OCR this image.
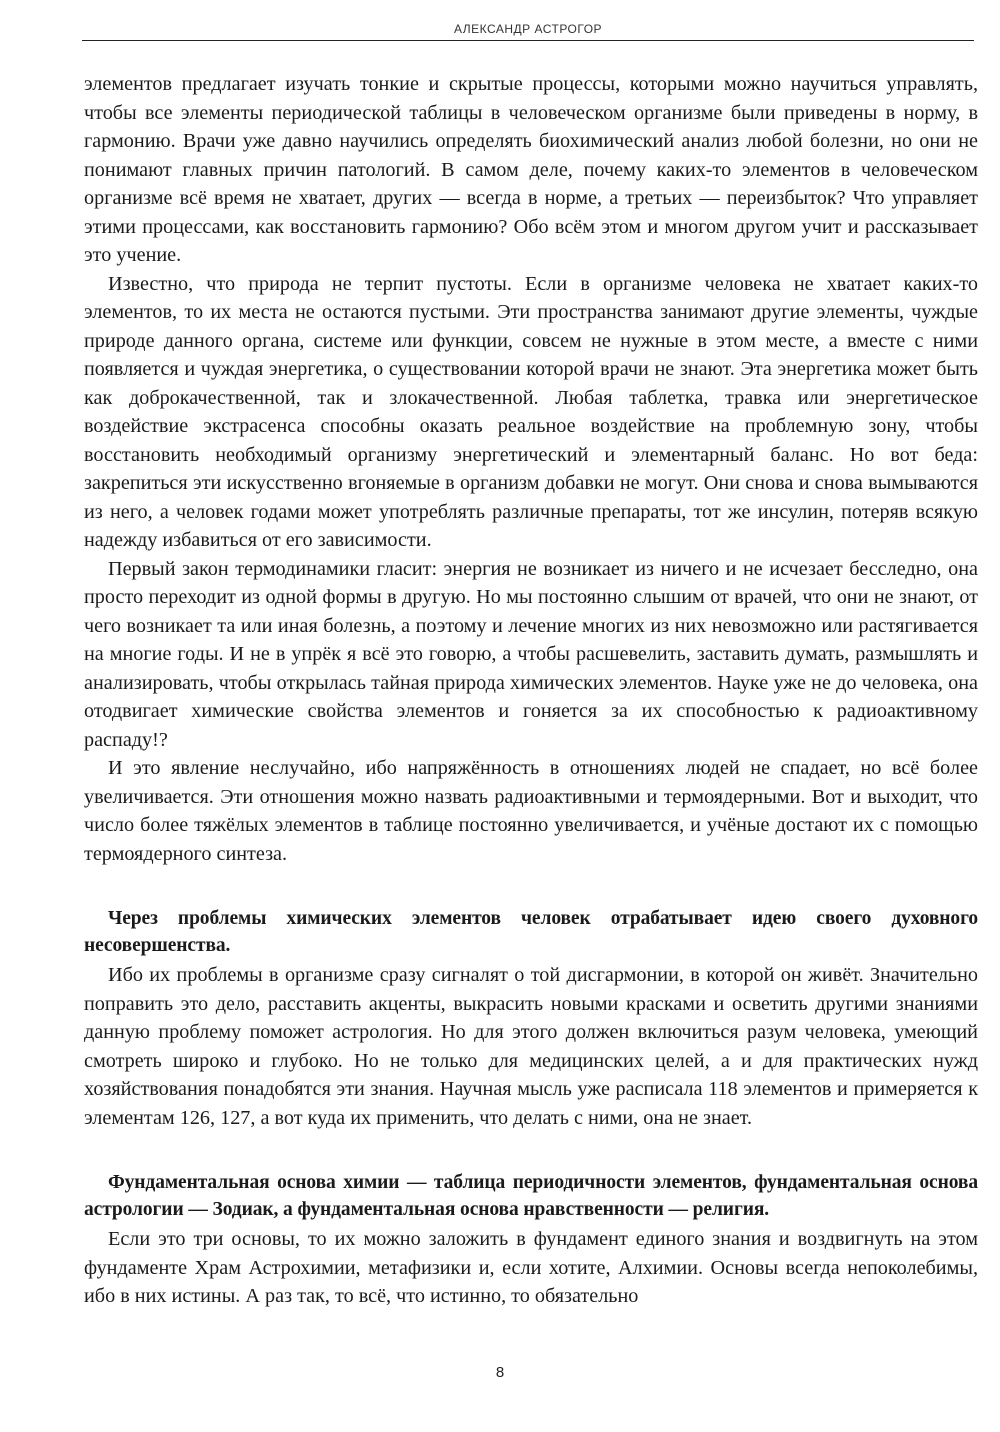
АЛЕКСАНДР АСТРОГОР

элементов предлагает изучать тонкие и скрытые процессы, которыми можно научиться управлять, чтобы все элементы периодической таблицы в человеческом организме были приведены в норму, в гармонию. Врачи уже давно научились определять биохимический анализ любой болезни, но они не понимают главных причин патологий. В самом деле, почему каких-то элементов в человеческом организме всё время не хватает, других — всегда в норме, а третьих — переизбыток? Что управляет этими процессами, как восстановить гармонию? Обо всём этом и многом другом учит и рассказывает это учение.

Известно, что природа не терпит пустоты. Если в организме человека не хватает каких-то элементов, то их места не остаются пустыми. Эти пространства занимают другие элементы, чуждые природе данного органа, системе или функции, совсем не нужные в этом месте, а вместе с ними появляется и чуждая энергетика, о существовании которой врачи не знают. Эта энергетика может быть как доброкачественной, так и злокачественной. Любая таблетка, травка или энергетическое воздействие экстрасенса способны оказать реальное воздействие на проблемную зону, чтобы восстановить необходимый организму энергетический и элементарный баланс. Но вот беда: закрепиться эти искусственно вгоняемые в организм добавки не могут. Они снова и снова вымываются из него, а человек годами может употреблять различные препараты, тот же инсулин, потеряв всякую надежду избавиться от его зависимости.

Первый закон термодинамики гласит: энергия не возникает из ничего и не исчезает бесследно, она просто переходит из одной формы в другую. Но мы постоянно слышим от врачей, что они не знают, от чего возникает та или иная болезнь, а поэтому и лечение многих из них невозможно или растягивается на многие годы. И не в упрёк я всё это говорю, а чтобы расшевелить, заставить думать, размышлять и анализировать, чтобы открылась тайная природа химических элементов. Науке уже не до человека, она отодвигает химические свойства элементов и гоняется за их способностью к радиоактивному распаду!?

И это явление неслучайно, ибо напряжённость в отношениях людей не спадает, но всё более увеличивается. Эти отношения можно назвать радиоактивными и термоядерными. Вот и выходит, что число более тяжёлых элементов в таблице постоянно увеличивается, и учёные достают их с помощью термоядерного синтеза.

Через проблемы химических элементов человек отрабатывает идею своего духовного несовершенства.

Ибо их проблемы в организме сразу сигналят о той дисгармонии, в которой он живёт. Значительно поправить это дело, расставить акценты, выкрасить новыми красками и осветить другими знаниями данную проблему поможет астрология. Но для этого должен включиться разум человека, умеющий смотреть широко и глубоко. Но не только для медицинских целей, а и для практических нужд хозяйствования понадобятся эти знания. Научная мысль уже расписала 118 элементов и примеряется к элементам 126, 127, а вот куда их применить, что делать с ними, она не знает.

Фундаментальная основа химии — таблица периодичности элементов, фундаментальная основа астрологии — Зодиак, а фундаментальная основа нравственности — религия.

Если это три основы, то их можно заложить в фундамент единого знания и воздвигнуть на этом фундаменте Храм Астрохимии, метафизики и, если хотите, Алхимии. Основы всегда непоколебимы, ибо в них истины. А раз так, то всё, что истинно, то обязательно

8
